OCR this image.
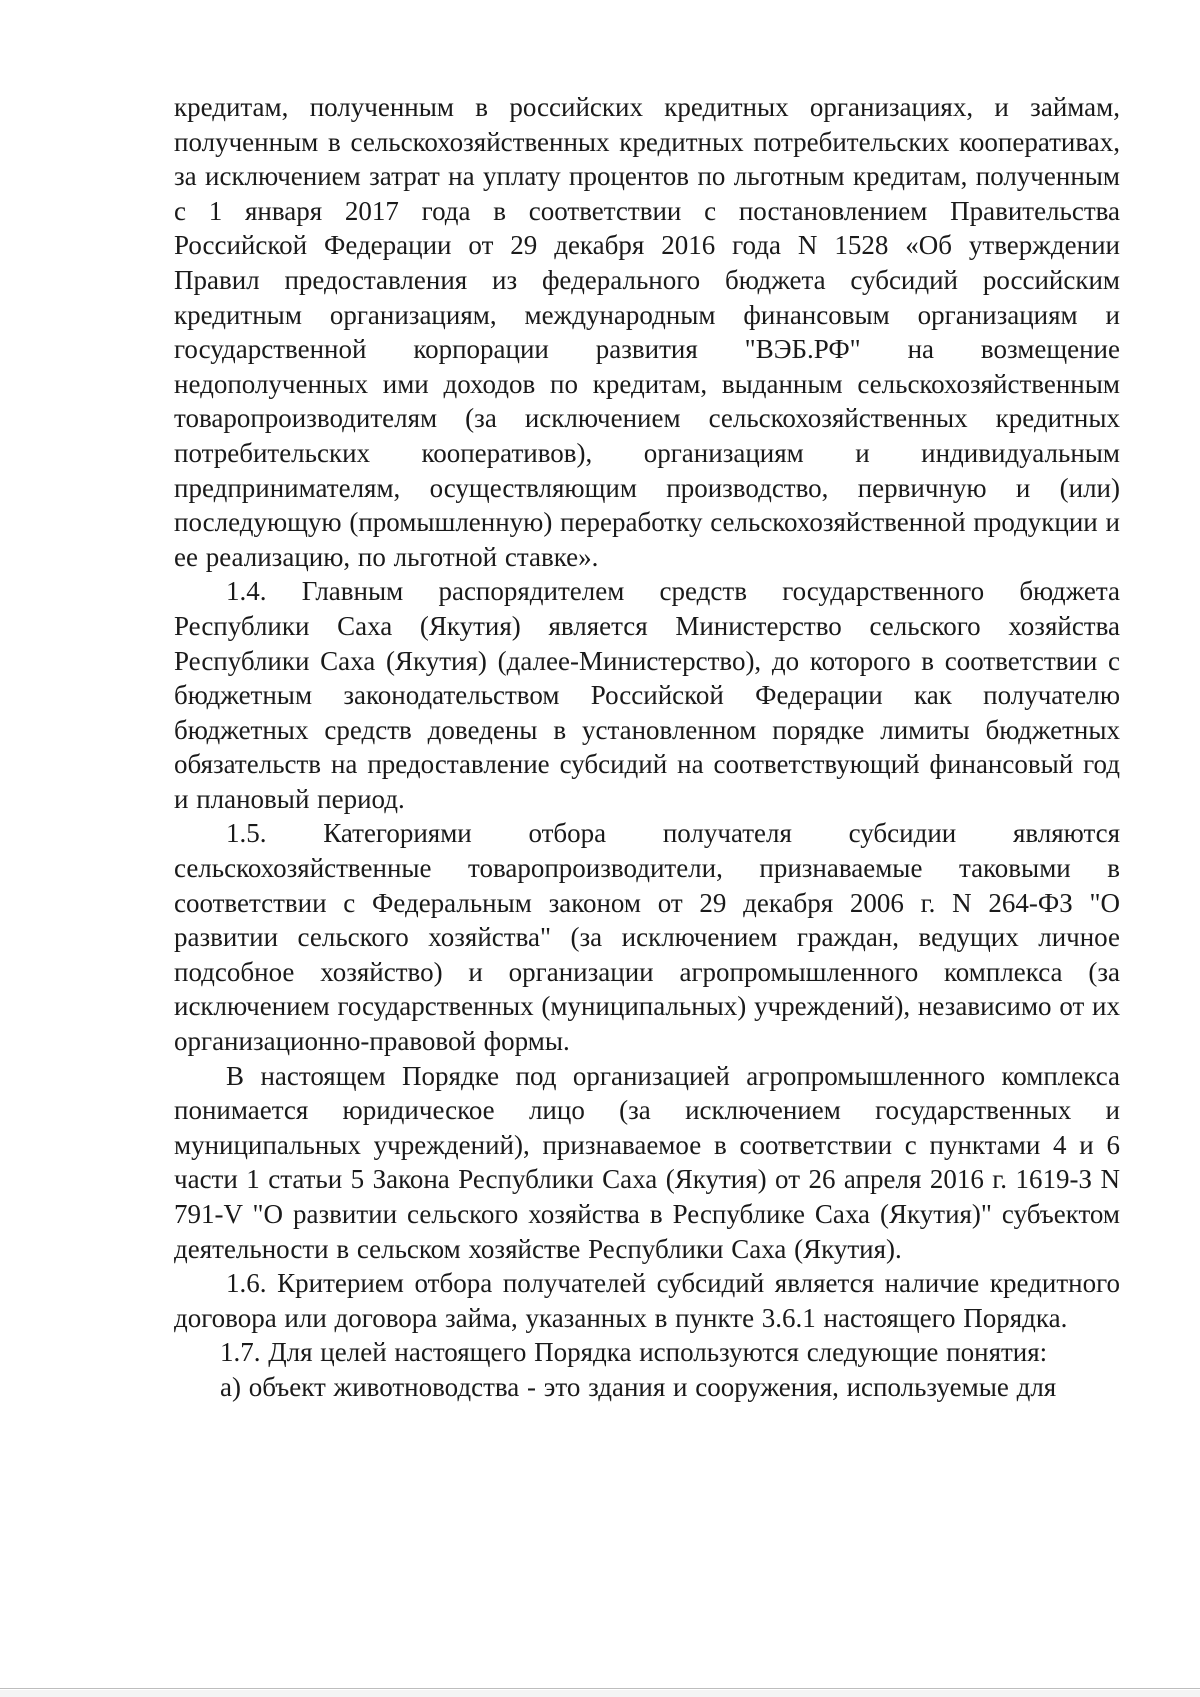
кредитам, полученным в российских кредитных организациях, и займам, полученным в сельскохозяйственных кредитных потребительских кооперативах, за исключением затрат на уплату процентов по льготным кредитам, полученным с 1 января 2017 года в соответствии с постановлением Правительства Российской Федерации от 29 декабря 2016 года N 1528 «Об утверждении Правил предоставления из федерального бюджета субсидий российским кредитным организациям, международным финансовым организациям и государственной корпорации развития "ВЭБ.РФ" на возмещение недополученных ими доходов по кредитам, выданным сельскохозяйственным товаропроизводителям (за исключением сельскохозяйственных кредитных потребительских кооперативов), организациям и индивидуальным предпринимателям, осуществляющим производство, первичную и (или) последующую (промышленную) переработку сельскохозяйственной продукции и ее реализацию, по льготной ставке».

1.4. Главным распорядителем средств государственного бюджета Республики Саха (Якутия) является Министерство сельского хозяйства Республики Саха (Якутия) (далее-Министерство), до которого в соответствии с бюджетным законодательством Российской Федерации как получателю бюджетных средств доведены в установленном порядке лимиты бюджетных обязательств на предоставление субсидий на соответствующий финансовый год и плановый период.

1.5. Категориями отбора получателя субсидии являются сельскохозяйственные товаропроизводители, признаваемые таковыми в соответствии с Федеральным законом от 29 декабря 2006 г. N 264-ФЗ "О развитии сельского хозяйства" (за исключением граждан, ведущих личное подсобное хозяйство) и организации агропромышленного комплекса (за исключением государственных (муниципальных) учреждений), независимо от их организационно-правовой формы.

В настоящем Порядке под организацией агропромышленного комплекса понимается юридическое лицо (за исключением государственных и муниципальных учреждений), признаваемое в соответствии с пунктами 4 и 6 части 1 статьи 5 Закона Республики Саха (Якутия) от 26 апреля 2016 г. 1619-З N 791-V "О развитии сельского хозяйства в Республике Саха (Якутия)" субъектом деятельности в сельском хозяйстве Республики Саха (Якутия).

1.6. Критерием отбора получателей субсидий является наличие кредитного договора или договора займа, указанных в пункте 3.6.1 настоящего Порядка.

1.7. Для целей настоящего Порядка используются следующие понятия:

а) объект животноводства - это здания и сооружения, используемые для
